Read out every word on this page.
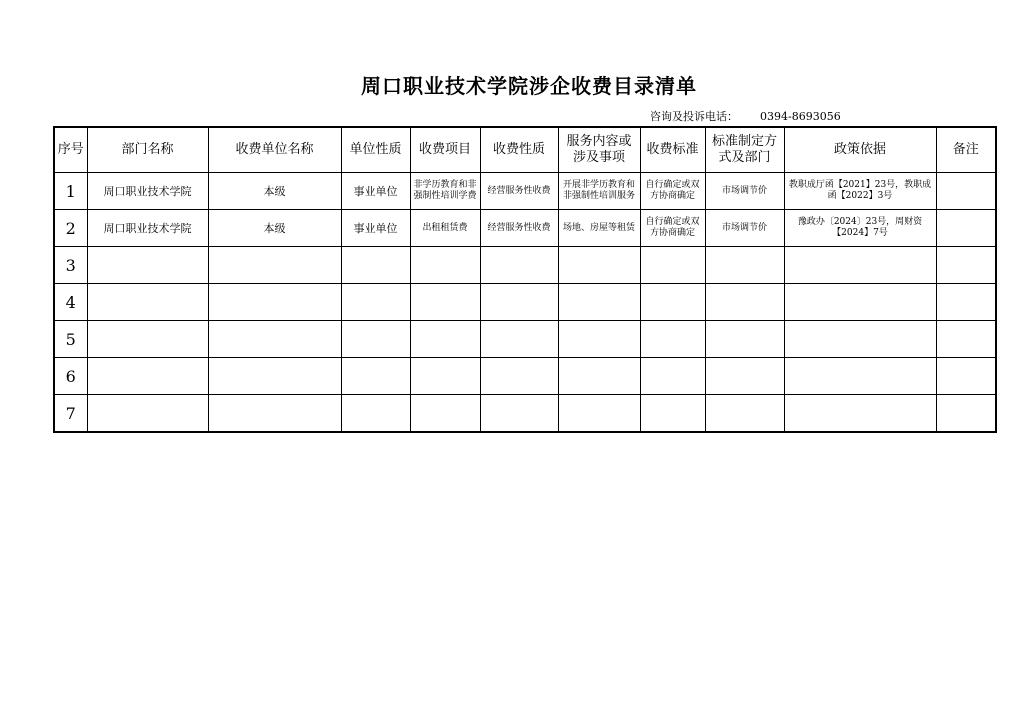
周口职业技术学院涉企收费目录清单
咨询及投诉电话： 0394-8693056
序号	部门名称	收费单位名称	单位性质	收费项目	收费性质	服务内容或涉及事项	收费标准	标准制定方式及部门	政策依据	备注
1	周口职业技术学院	本级	事业单位	非学历教育和非强制性培训学费	经营服务性收费	开展非学历教育和非强制性培训服务	自行确定或双方协商确定	市场调节价	教职成厅函【2021】23号，教职成函【2022】3号	
2	周口职业技术学院	本级	事业单位	出租租赁费	经营服务性收费	场地、房屋等租赁	自行确定或双方协商确定	市场调节价	豫政办〔2024〕23号，周财资【2024】7号	
3										
4										
5										
6										
7										
